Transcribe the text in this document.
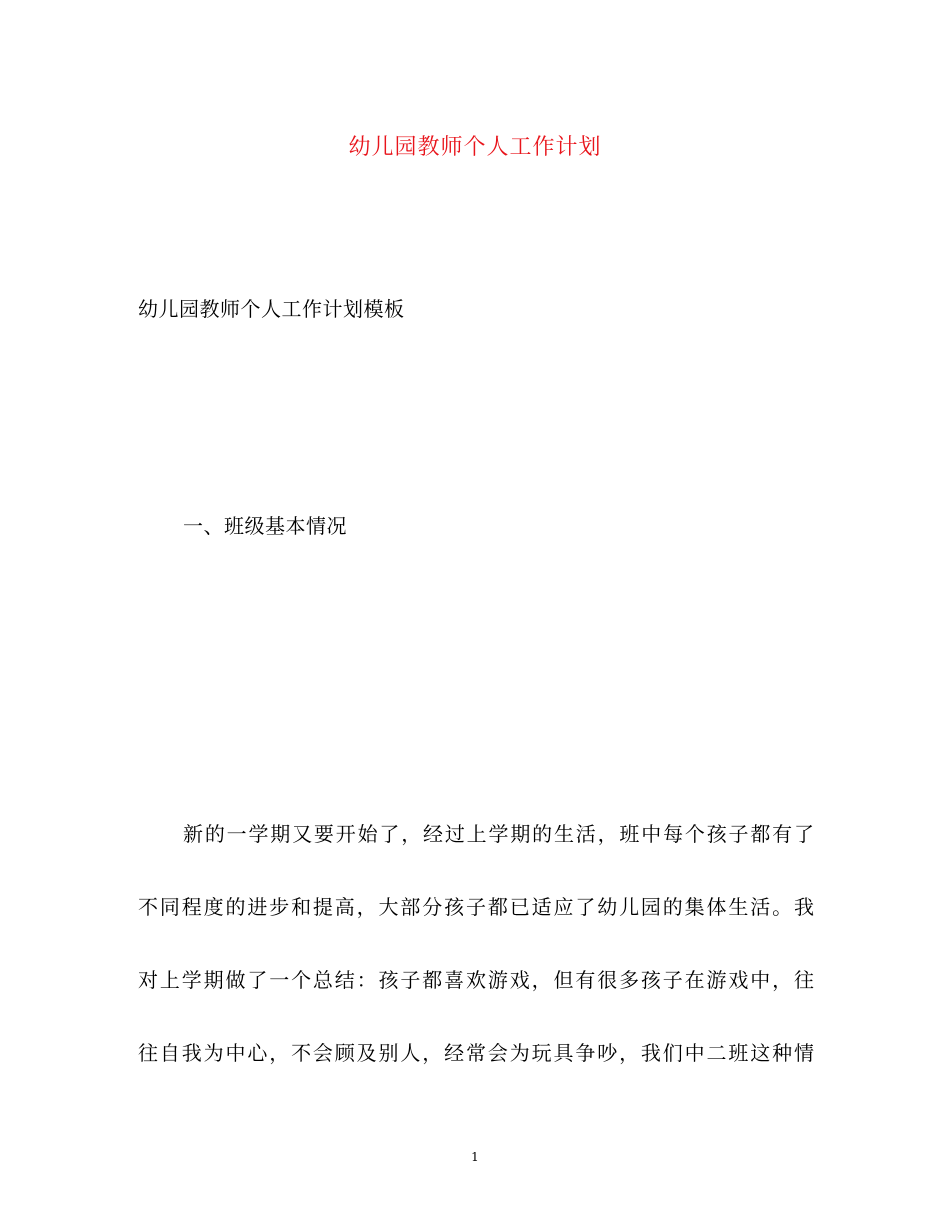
幼儿园教师个人工作计划
幼儿园教师个人工作计划模板
一、班级基本情况
新的一学期又要开始了，经过上学期的生活，班中每个孩子都有了
不同程度的进步和提高，大部分孩子都已适应了幼儿园的集体生活。我
对上学期做了一个总结：孩子都喜欢游戏，但有很多孩子在游戏中，往
往自我为中心，不会顾及别人，经常会为玩具争吵，我们中二班这种情
1
